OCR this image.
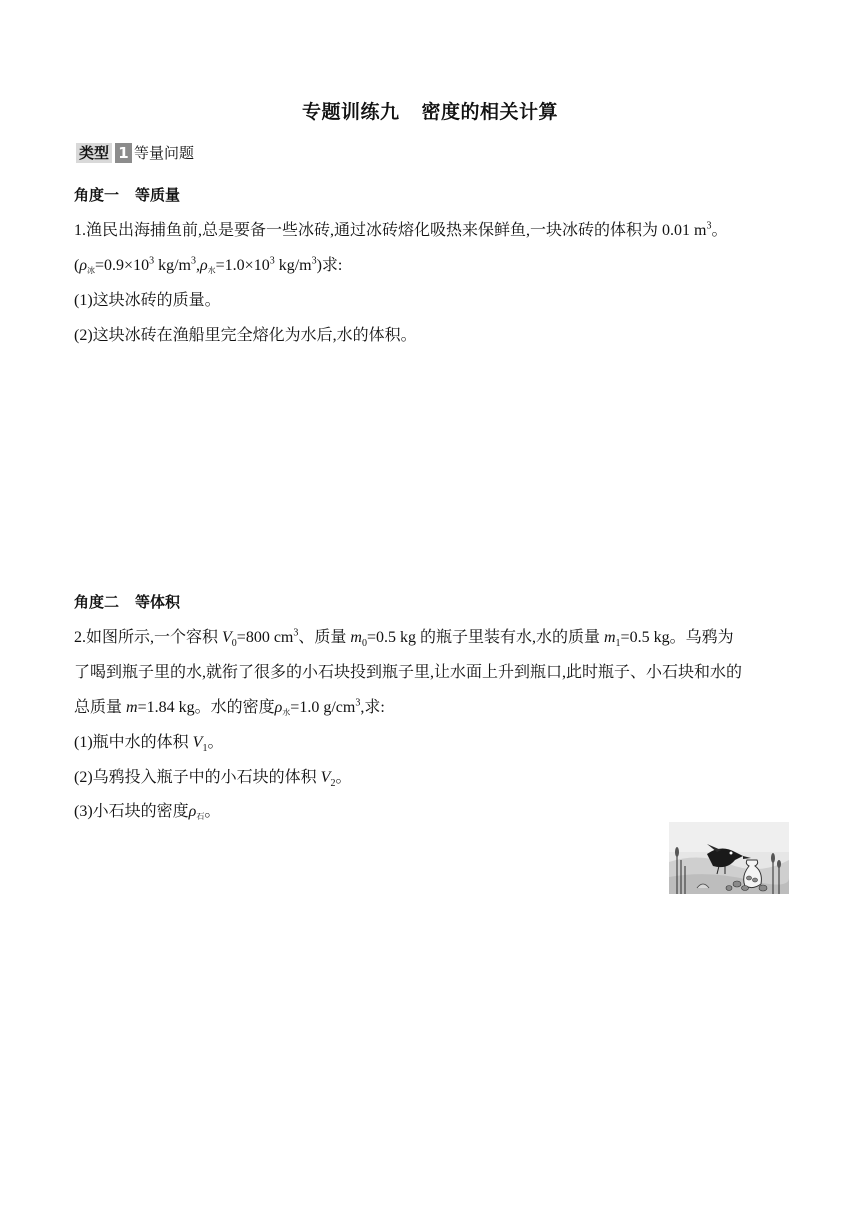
专题训练九 密度的相关计算
类型 1 等量问题
角度一 等质量
1.渔民出海捕鱼前,总是要备一些冰砖,通过冰砖熔化吸热来保鲜鱼,一块冰砖的体积为 0.01 $m^3$。
(ρ冰$=0.9\times 10^3$ $kg/m^3,\rho$水$=1.0\times 10^3$ $kg/m^3$)求:
(1)这块冰砖的质量。
(2)这块冰砖在渔船里完全熔化为水后,水的体积。
角度二 等体积
2.如图所示,一个容积 $V_0=800$ $cm^3$、质量 $m_0=0.5$ kg 的瓶子里装有水,水的质量 $m_1=0.5$ kg。乌鸦为
了喝到瓶子里的水,就衔了很多的小石块投到瓶子里,让水面上升到瓶口,此时瓶子、小石块和水的
总质量 m=1.84 kg。水的密度ρ水=1.0 $g/cm^3$,求:
(1)瓶中水的体积 $V_1$。
(2)乌鸦投入瓶子中的小石块的体积 $V_2$。
(3)小石块的密度ρ石。
